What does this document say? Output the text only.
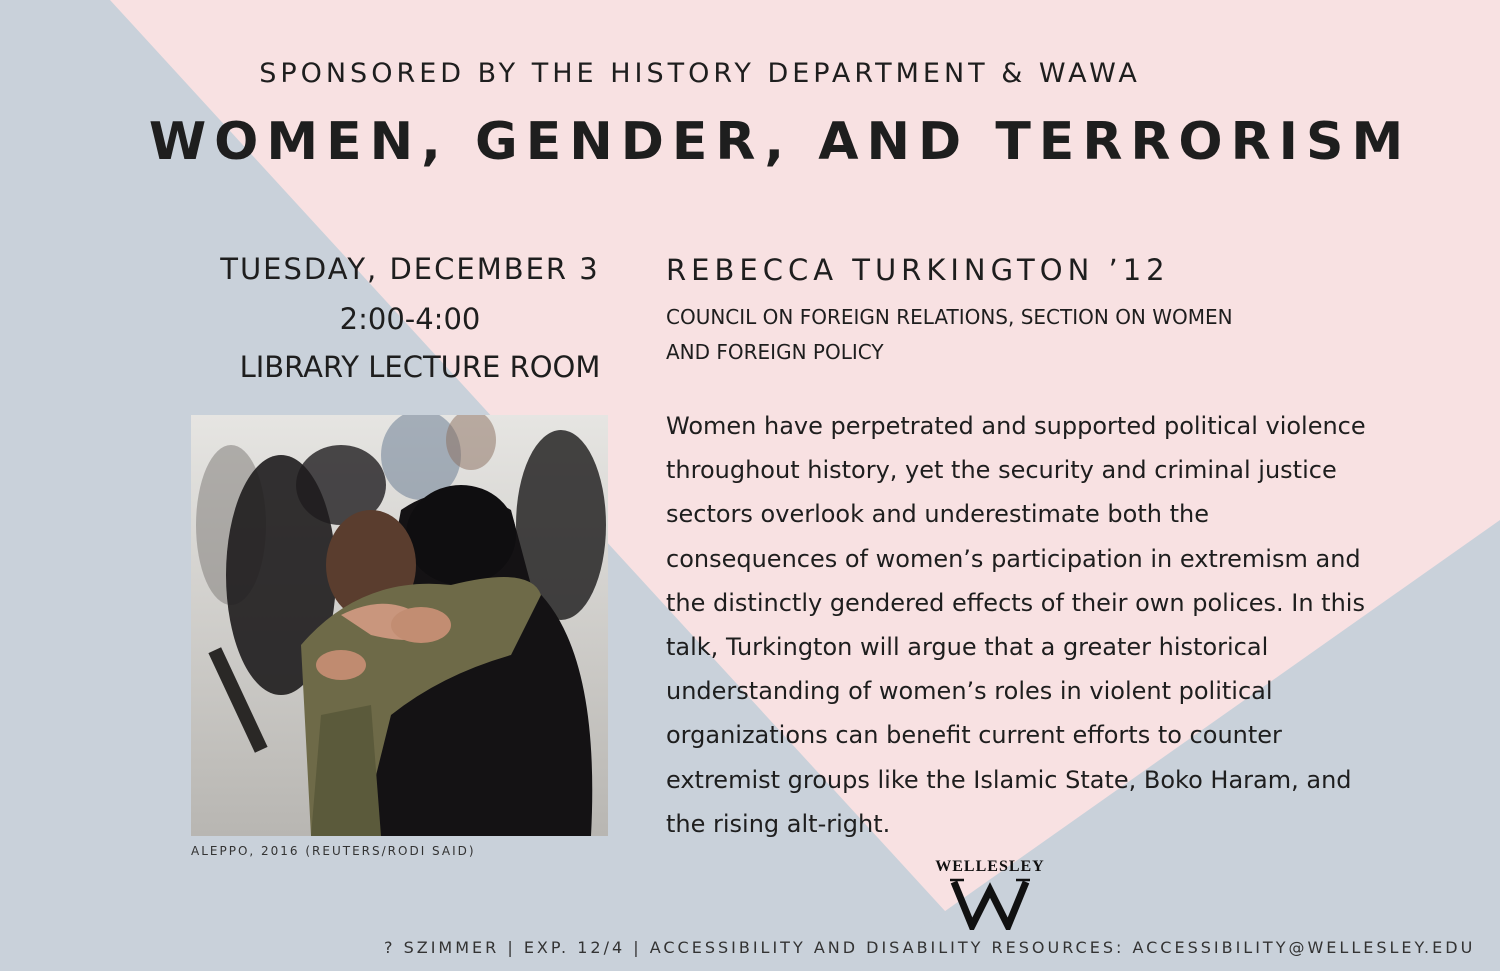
SPONSORED BY THE HISTORY DEPARTMENT & WAWA
WOMEN, GENDER, AND TERRORISM
TUESDAY, DECEMBER 3
2:00-4:00
LIBRARY LECTURE ROOM
ALEPPO, 2016 (REUTERS/RODI SAID)
REBECCA TURKINGTON ’12
COUNCIL ON FOREIGN RELATIONS, SECTION ON WOMEN AND FOREIGN POLICY
Women have perpetrated and supported political violence throughout history, yet the security and criminal justice sectors overlook and underestimate both the consequences of women’s participation in extremism and the distinctly gendered effects of their own polices. In this talk, Turkington will argue that a greater historical understanding of women’s roles in violent political organizations can benefit current efforts to counter extremist groups like the Islamic State, Boko Haram, and the rising alt-right.
WELLESLEY
? SZIMMER | EXP. 12/4 | ACCESSIBILITY AND DISABILITY RESOURCES: ACCESSIBILITY@WELLESLEY.EDU
